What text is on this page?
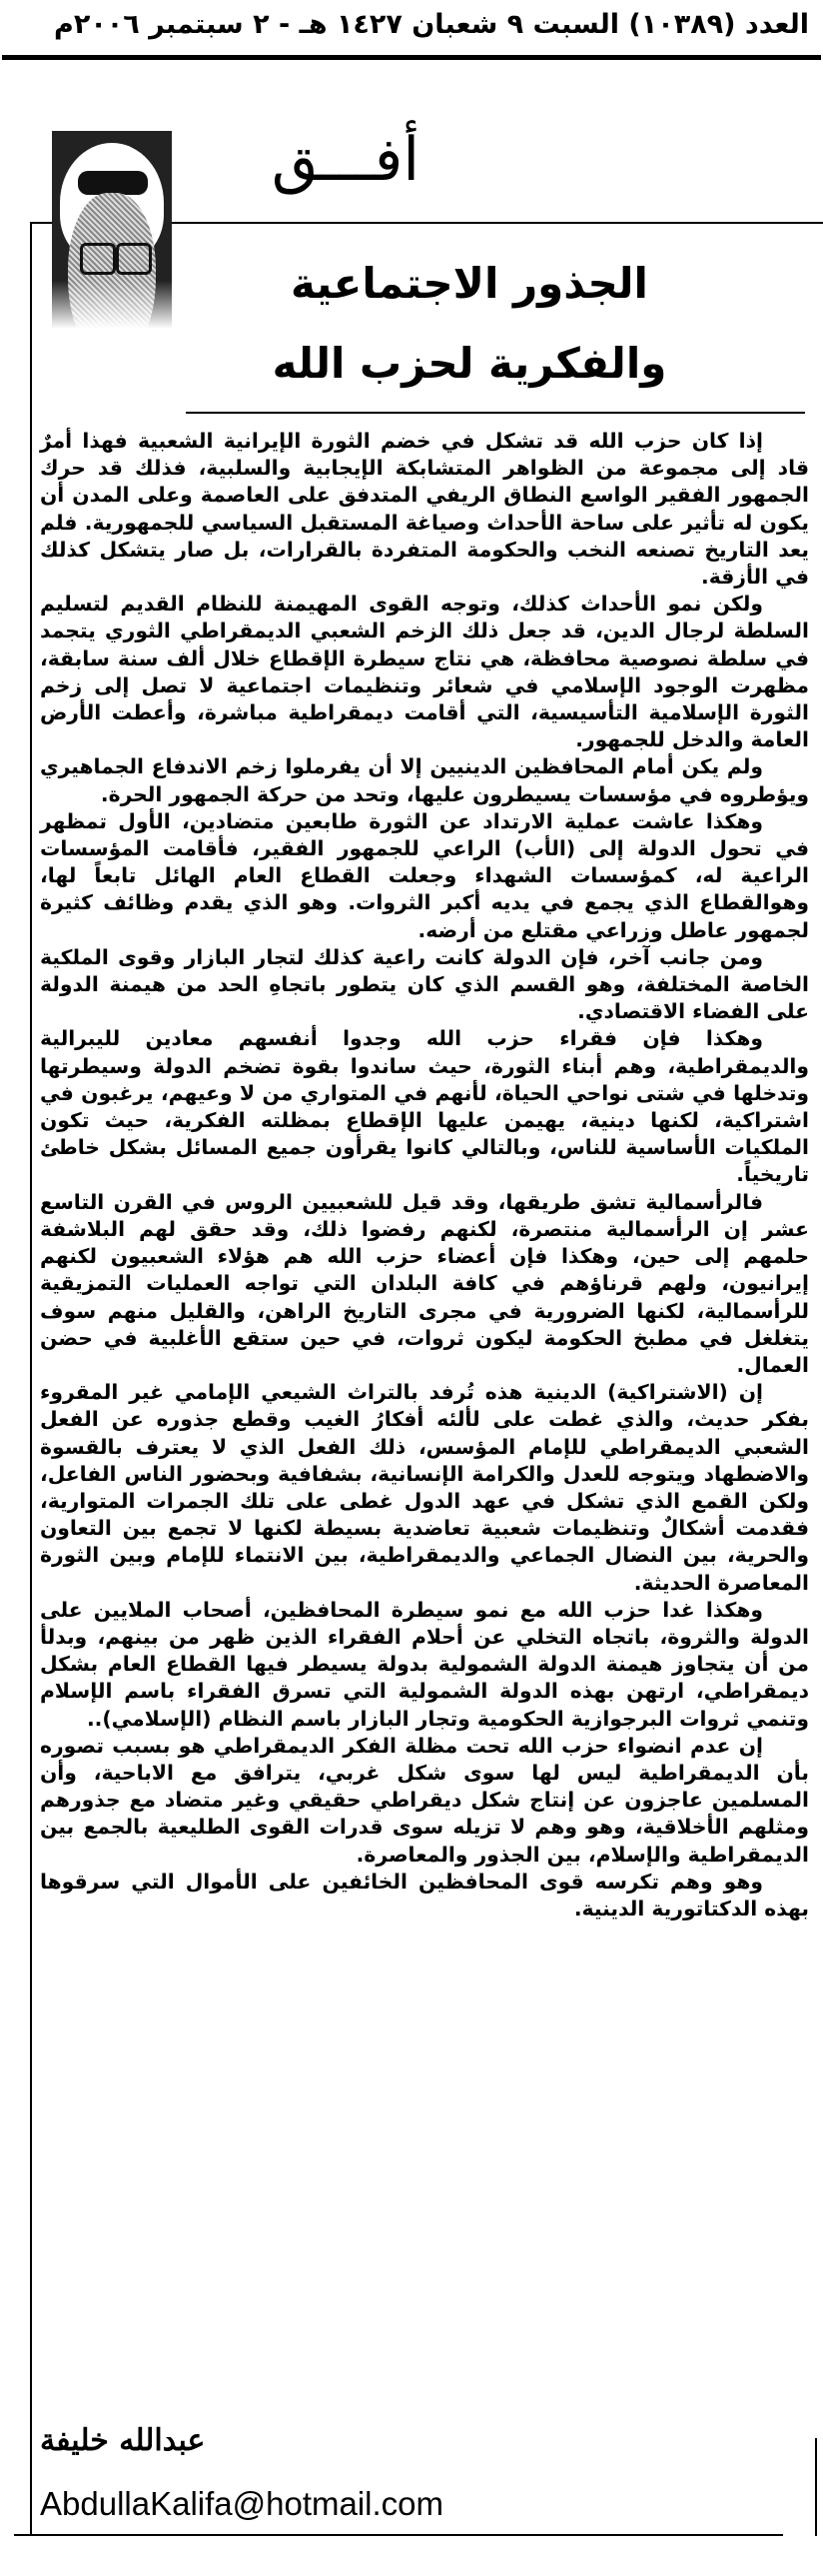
العدد (١٠٣٨٩) السبت ٩ شعبان ١٤٢٧ هـ - ٢ سبتمبر ٢٠٠٦م
أفـــق
الجذور الاجتماعية
والفكرية لحزب الله

إذا كان حزب الله قد تشكل في خضم الثورة الإيرانية الشعبية فهذا أمرٌ قاد إلى مجموعة من الظواهر المتشابكة الإيجابية والسلبية، فذلك قد حرك الجمهور الفقير الواسع النطاق الريفي المتدفق على العاصمة وعلى المدن أن يكون له تأثير على ساحة الأحداث وصياغة المستقبل السياسي للجمهورية. فلم يعد التاريخ تصنعه النخب والحكومة المتفردة بالقرارات، بل صار يتشكل كذلك في الأزقة.

ولكن نمو الأحداث كذلك، وتوجه القوى المهيمنة للنظام القديم لتسليم السلطة لرجال الدين، قد جعل ذلك الزخم الشعبي الديمقراطي الثوري يتجمد في سلطة نصوصية محافظة، هي نتاج سيطرة الإقطاع خلال ألف سنة سابقة، مظهرت الوجود الإسلامي في شعائر وتنظيمات اجتماعية لا تصل إلى زخم الثورة الإسلامية التأسيسية، التي أقامت ديمقراطية مباشرة، وأعطت الأرض العامة والدخل للجمهور.

ولم يكن أمام المحافظين الدينيين إلا أن يفرملوا زخم الاندفاع الجماهيري ويؤطروه في مؤسسات يسيطرون عليها، وتحد من حركة الجمهور الحرة.

وهكذا عاشت عملية الارتداد عن الثورة طابعين متضادين، الأول تمظهر في تحول الدولة إلى (الأب) الراعي للجمهور الفقير، فأقامت المؤسسات الراعية له، كمؤسسات الشهداء وجعلت القطاع العام الهائل تابعاً لها، وهوالقطاع الذي يجمع في يديه أكبر الثروات. وهو الذي يقدم وظائف كثيرة لجمهور عاطل وزراعي مقتلع من أرضه.

ومن جانب آخر، فإن الدولة كانت راعية كذلك لتجار البازار وقوى الملكية الخاصة المختلفة، وهو القسم الذي كان يتطور باتجاهِ الحد من هيمنة الدولة على الفضاء الاقتصادي.

وهكذا فإن فقراء حزب الله وجدوا أنفسهم معادين لليبرالية والديمقراطية، وهم أبناء الثورة، حيث ساندوا بقوة تضخم الدولة وسيطرتها وتدخلها في شتى نواحي الحياة، لأنهم في المتواري من لا وعيهم، يرغبون في اشتراكية، لكنها دينية، يهيمن عليها الإقطاع بمظلته الفكرية، حيث تكون الملكيات الأساسية للناس، وبالتالي كانوا يقرأون جميع المسائل بشكل خاطئ تاريخياً.

فالرأسمالية تشق طريقها، وقد قيل للشعبيين الروس في القرن التاسع عشر إن الرأسمالية منتصرة، لكنهم رفضوا ذلك، وقد حقق لهم البلاشفة حلمهم إلى حين، وهكذا فإن أعضاء حزب الله هم هؤلاء الشعبيون لكنهم إيرانيون، ولهم قرناؤهم في كافة البلدان التي تواجه العمليات التمزيقية للرأسمالية، لكنها الضرورية في مجرى التاريخ الراهن، والقليل منهم سوف يتغلغل في مطبخ الحكومة ليكون ثروات، في حين ستقع الأغلبية في حضن العمال.

إن (الاشتراكية) الدينية هذه تُرفد بالتراث الشيعي الإمامي غير المقروء بفكر حديث، والذي غطت على لألئه أفكارُ الغيب وقطع جذوره عن الفعل الشعبي الديمقراطي للإمام المؤسس، ذلك الفعل الذي لا يعترف بالقسوة والاضطهاد ويتوجه للعدل والكرامة الإنسانية، بشفافية وبحضور الناس الفاعل، ولكن القمع الذي تشكل في عهد الدول غطى على تلك الجمرات المتوارية، فقدمت أشكالٌ وتنظيمات شعبية تعاضدية بسيطة لكنها لا تجمع بين التعاون والحرية، بين النضال الجماعي والديمقراطية، بين الانتماء للإمام وبين الثورة المعاصرة الحديثة.

وهكذا غدا حزب الله مع نمو سيطرة المحافظين، أصحاب الملايين على الدولة والثروة، باتجاه التخلي عن أحلام الفقراء الذين ظهر من بينهم، وبدلأ من أن يتجاوز هيمنة الدولة الشمولية بدولة يسيطر فيها القطاع العام بشكل ديمقراطي، ارتهن بهذه الدولة الشمولية التي تسرق الفقراء باسم الإسلام وتنمي ثروات البرجوازية الحكومية وتجار البازار باسم النظام (الإسلامي)..

إن عدم انضواء حزب الله تحت مظلة الفكر الديمقراطي هو بسبب تصوره بأن الديمقراطية ليس لها سوى شكل غربي، يترافق مع الاباحية، وأن المسلمين عاجزون عن إنتاج شكل ديقراطي حقيقي وغير متضاد مع جذورهم ومثلهم الأخلاقية، وهو وهم لا تزيله سوى قدرات القوى الطليعية بالجمع بين الديمقراطية والإسلام، بين الجذور والمعاصرة.

وهو وهم تكرسه قوى المحافظين الخائفين على الأموال التي سرقوها بهذه الدكتاتورية الدينية.

عبدالله خليفة
AbdullaKalifa@hotmail.com
